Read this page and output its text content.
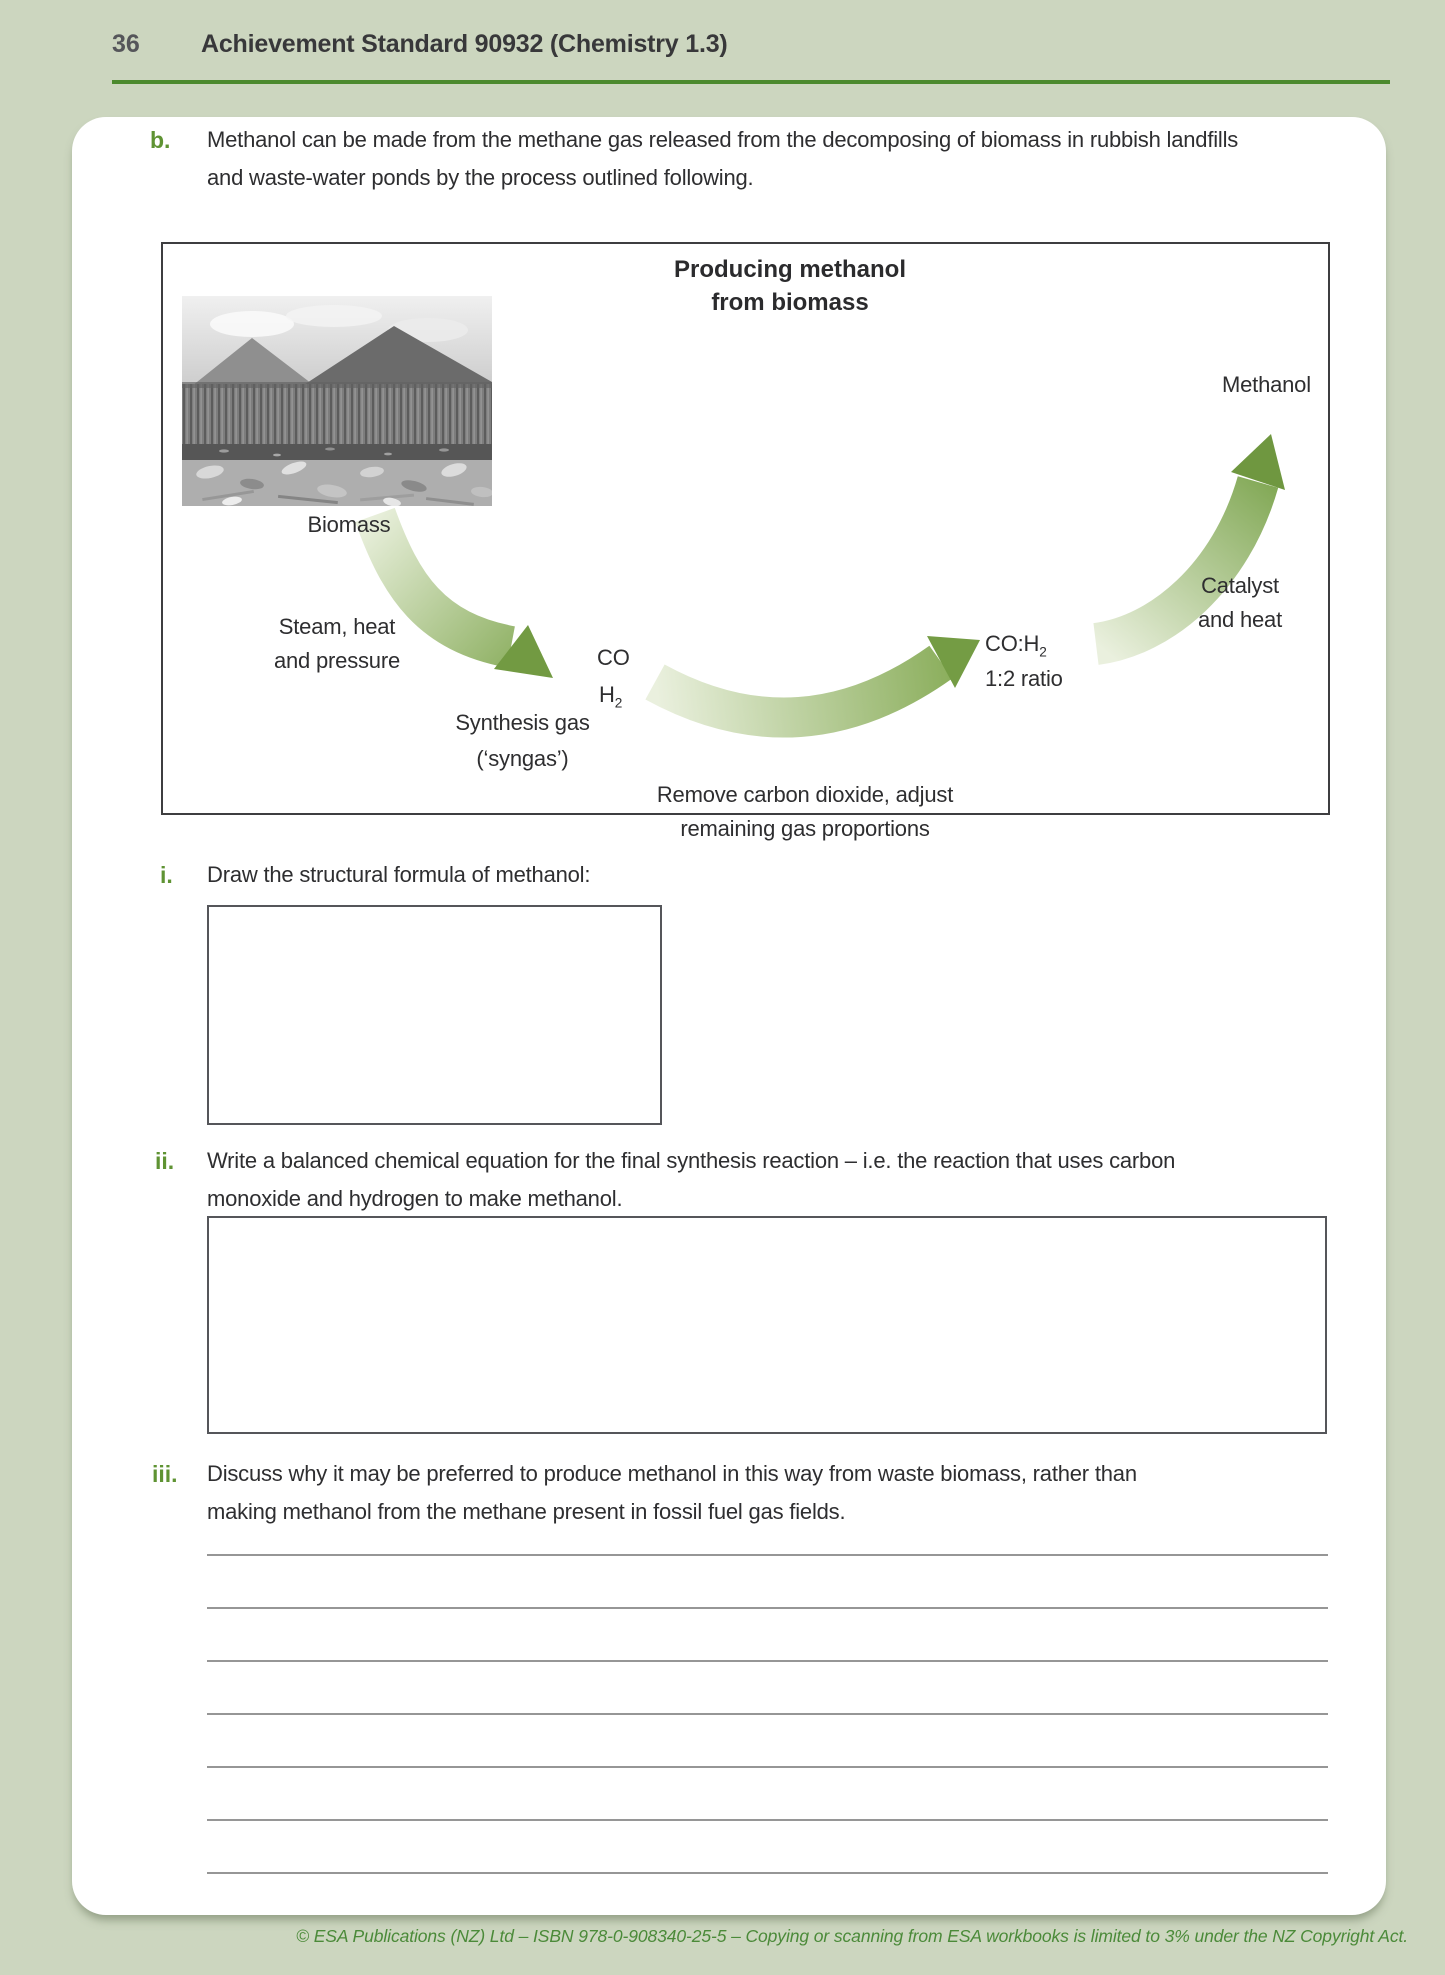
36 Achievement Standard 90932 (Chemistry 1.3)
b. Methanol can be made from the methane gas released from the decomposing of biomass in rubbish landfills
and waste-water ponds by the process outlined following.
Producing methanol
from biomass
Biomass
Steam, heat
and pressure	CO
$H_2$
Synthesis gas
(‘syngas’)
Remove carbon dioxide, adjust
remaining gas proportions
$CO:H_2$
1:2 ratio
Catalyst
and heat
Methanol
i. Draw the structural formula of methanol:
ii. Write a balanced chemical equation for the final synthesis reaction – i.e. the reaction that uses carbon
monoxide and hydrogen to make methanol.
iii. Discuss why it may be preferred to produce methanol in this way from waste biomass, rather than
making methanol from the methane present in fossil fuel gas fields.
© ESA Publications (NZ) Ltd – ISBN 978-0-908340-25-5 – Copying or scanning from ESA workbooks is limited to 3% under the NZ Copyright Act.
